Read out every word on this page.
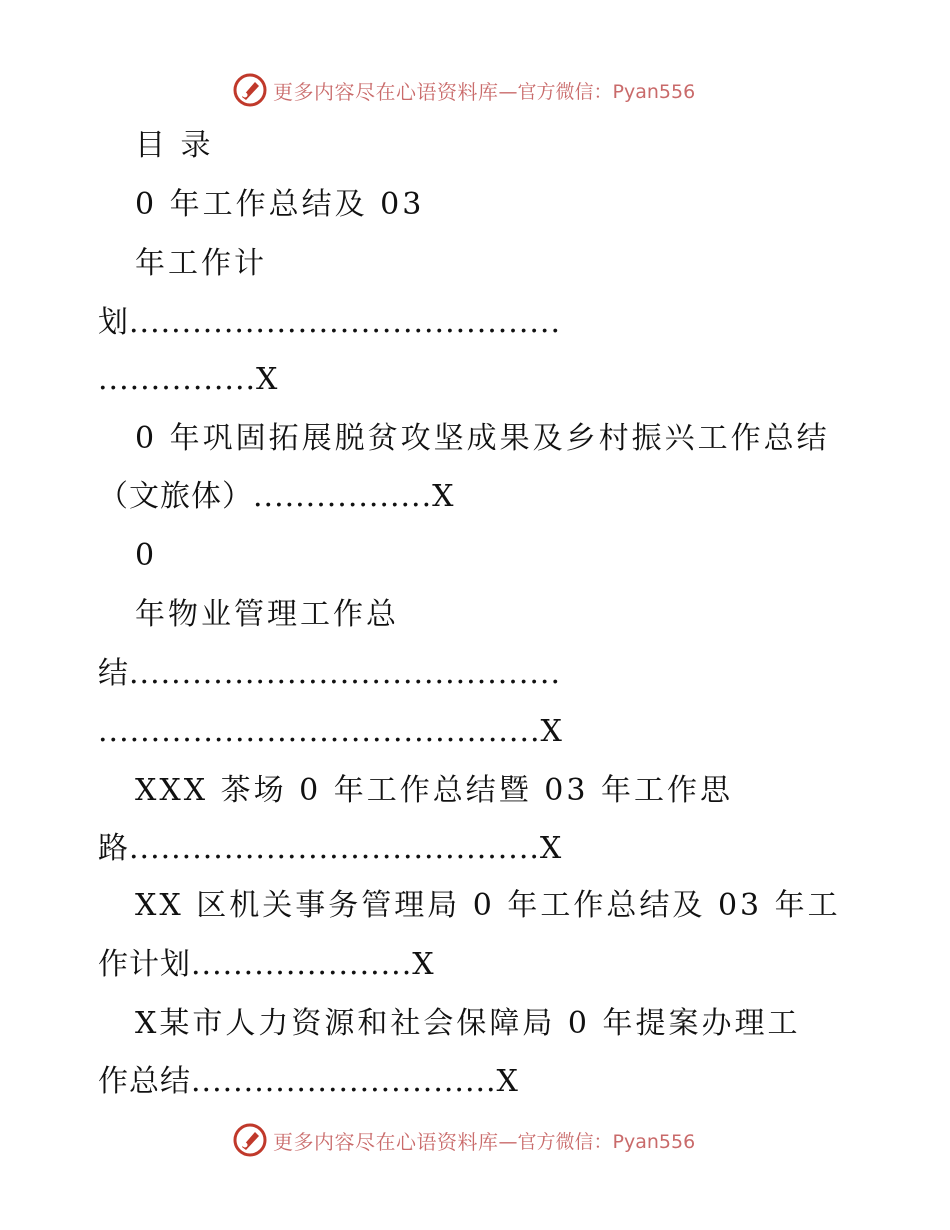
更多内容尽在心语资料库 —官方微信：Pyan556
目 录
0 年工作总结及 03
年工作计
划.........................................
...............X
0 年巩固拓展脱贫攻坚成果及乡村振兴工作总结
（文旅体）.................X
0
年物业管理工作总
结.........................................
..........................................X
XXX 茶场 0 年工作总结暨 03 年工作思
路.......................................X
XX 区机关事务管理局 0 年工作总结及 03 年工
作计划.....................X
X某市人力资源和社会保障局 0 年提案办理工
作总结.............................X
更多内容尽在心语资料库 —官方微信：Pyan556
